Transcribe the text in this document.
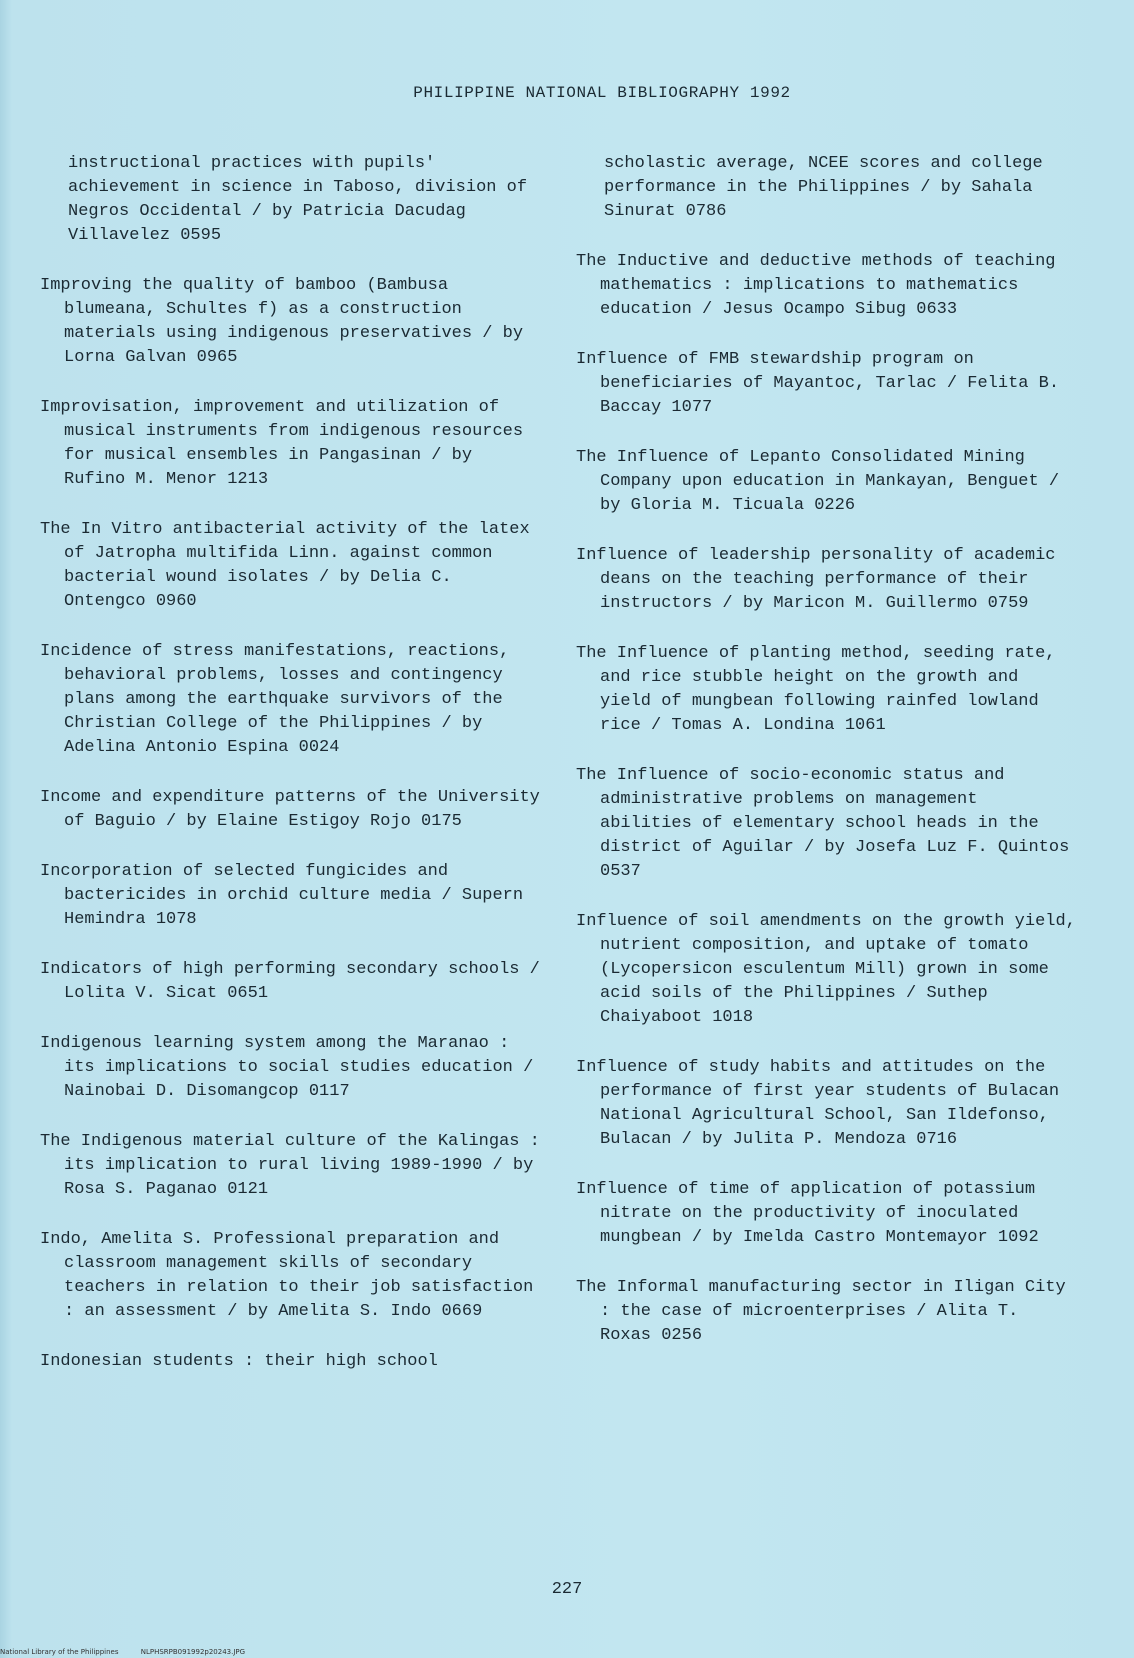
PHILIPPINE NATIONAL BIBLIOGRAPHY 1992
instructional practices with pupils' achievement in science in Taboso, division of Negros Occidental / by Patricia Dacudag Villavelez 0595
Improving the quality of bamboo (Bambusa blumeana, Schultes f) as a construction materials using indigenous preservatives / by Lorna Galvan 0965
Improvisation, improvement and utilization of musical instruments from indigenous resources for musical ensembles in Pangasinan / by Rufino M. Menor 1213
The In Vitro antibacterial activity of the latex of Jatropha multifida Linn. against common bacterial wound isolates / by Delia C. Ontengco 0960
Incidence of stress manifestations, reactions, behavioral problems, losses and contingency plans among the earthquake survivors of the Christian College of the Philippines / by Adelina Antonio Espina 0024
Income and expenditure patterns of the University of Baguio / by Elaine Estigoy Rojo 0175
Incorporation of selected fungicides and bactericides in orchid culture media / Supern Hemindra 1078
Indicators of high performing secondary schools / Lolita V. Sicat 0651
Indigenous learning system among the Maranao : its implications to social studies education / Nainobai D. Disomangcop 0117
The Indigenous material culture of the Kalingas : its implication to rural living 1989-1990 / by Rosa S. Paganao 0121
Indo, Amelita S. Professional preparation and classroom management skills of secondary teachers in relation to their job satisfaction : an assessment / by Amelita S. Indo 0669
Indonesian students : their high school
scholastic average, NCEE scores and college performance in the Philippines / by Sahala Sinurat 0786
The Inductive and deductive methods of teaching mathematics : implications to mathematics education / Jesus Ocampo Sibug 0633
Influence of FMB stewardship program on beneficiaries of Mayantoc, Tarlac / Felita B. Baccay 1077
The Influence of Lepanto Consolidated Mining Company upon education in Mankayan, Benguet / by Gloria M. Ticuala 0226
Influence of leadership personality of academic deans on the teaching performance of their instructors / by Maricon M. Guillermo 0759
The Influence of planting method, seeding rate, and rice stubble height on the growth and yield of mungbean following rainfed lowland rice / Tomas A. Londina 1061
The Influence of socio-economic status and administrative problems on management abilities of elementary school heads in the district of Aguilar / by Josefa Luz F. Quintos 0537
Influence of soil amendments on the growth yield, nutrient composition, and uptake of tomato (Lycopersicon esculentum Mill) grown in some acid soils of the Philippines / Suthep Chaiyaboot 1018
Influence of study habits and attitudes on the performance of first year students of Bulacan National Agricultural School, San Ildefonso, Bulacan / by Julita P. Mendoza 0716
Influence of time of application of potassium nitrate on the productivity of inoculated mungbean / by Imelda Castro Montemayor 1092
The Informal manufacturing sector in Iligan City : the case of microenterprises / Alita T. Roxas 0256
227
National Library of the Philippines	NLPHSRPB091992p20243.JPG
